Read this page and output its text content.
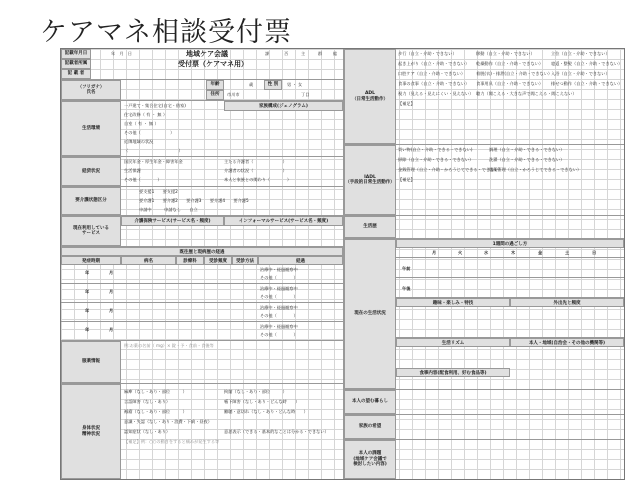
ケアマネ相談受付票
記載年月日	年　月　日
記載者所属
記 載 者
地域ケア会議
受付票（ケアマネ用）
課	否	主	群	総
（フリガナ）
氏名
年齢	歳	性 別	男 ・ 女
住所	市川市	丁目
生活環境
一戸建て・集合住宅(自宅・借家)
住宅改修（ 有 ・ 無 ）
自室（ 有 ・ 無 ）
その他（　　　　　　　）
近隣地域の状況
（　　　　　　　　　　　　）
家族構成(ジェノグラム)
経済状況
国民年金・厚生年金・障害年金
生活保護
その他（　　　　）
主たる介護者（　　　　　　　）
介護者の状況（　　　　　　　）
本人と家族との関わり（　　　　）
要介護状態区分
要支援1　　要支援2
要介護1　　要介護2　　要介護3　　要介護4　　要介護5
申請中　　　申請なし　　自立
現在利用している
サービス
介護保険サービス(サービス名・頻度)	インフォーマルサービス(サービス名・頻度)
既往歴と現病歴の経過
発症時期	病名	診療科	受診頻度	受診方法	経過
年	月
治療中・経過観察中
その他（　　　　）
年	月
治療中・経過観察中
その他（　　　　）
年	月
治療中・経過観察中
その他（　　　　）
年	月
治療中・経過観察中
その他（　　　　）
服薬情報
例:お薬の名前（ mg）× 錠・予・食前・食後等
身体状況
精神状況
麻痺（なし・あり・部位　　　）	拘縮（なし・あり・部位　　　）
言語障害（なし・あり）	嚥下障害（なし・あり・どんな時　　）
褥瘡（なし・あり・部位　　　）	難聴・意切れ（なし・あり・どんな時　　）
意識・失認（なし・あり・浪費・下痢・昼夜）
認知症状（なし・あり）	意思表示（できる・基本的なことは分かる・できない）
【補足】例：○○の動きをすると痛みが発生する等
ADL
（日常生活動作）
歩行（自立・介助・できない）	移動（自立・介助・できない）	立位（自立・介助・できない）
起き上がり（自立・介助・できない） 乾燥動作（自立・介助・できない） 寝返・整髪（自立・介助・できない）
口腔ケア（自立・介助・できない）	着脱(衣)・排泄(自立・介助・できない）
入浴（自立・介助・できない）
食事の食事（自立・介助・できない） 食事用具（自立・介助・できない） 排せつ動作（自立・介助・できない）
視力（見える・見えにくい・見えない） 聴力（聞こえる・大きな声で聞こえる・聞こえない）
【補足】
IADL
（手段的日常生活動作）
買い物(自立・介助・できる・できない)	調理（自立・介助・できる・できない）
掃除（自立・介助・できる・できない）	洗濯（自立・介助・できる・できない）
金銭管理（自立・介助・かろうじてできる・できない）
服薬管理（自立・かろうじてできる・できない）
【補足】
生活歴
現在の生活状況
1週間の過ごし方
月	火	水	木	金	土	日
午前
午後
趣味・楽しみ・特技	外出先と頻度
生活リズム	本人・地域(自治会・その他の機関等)
食事内容(配食利用、好む食品等)
本人の望む暮らし
家族の希望
本人の課題
(地域ケア会議で
検討したい内容)
